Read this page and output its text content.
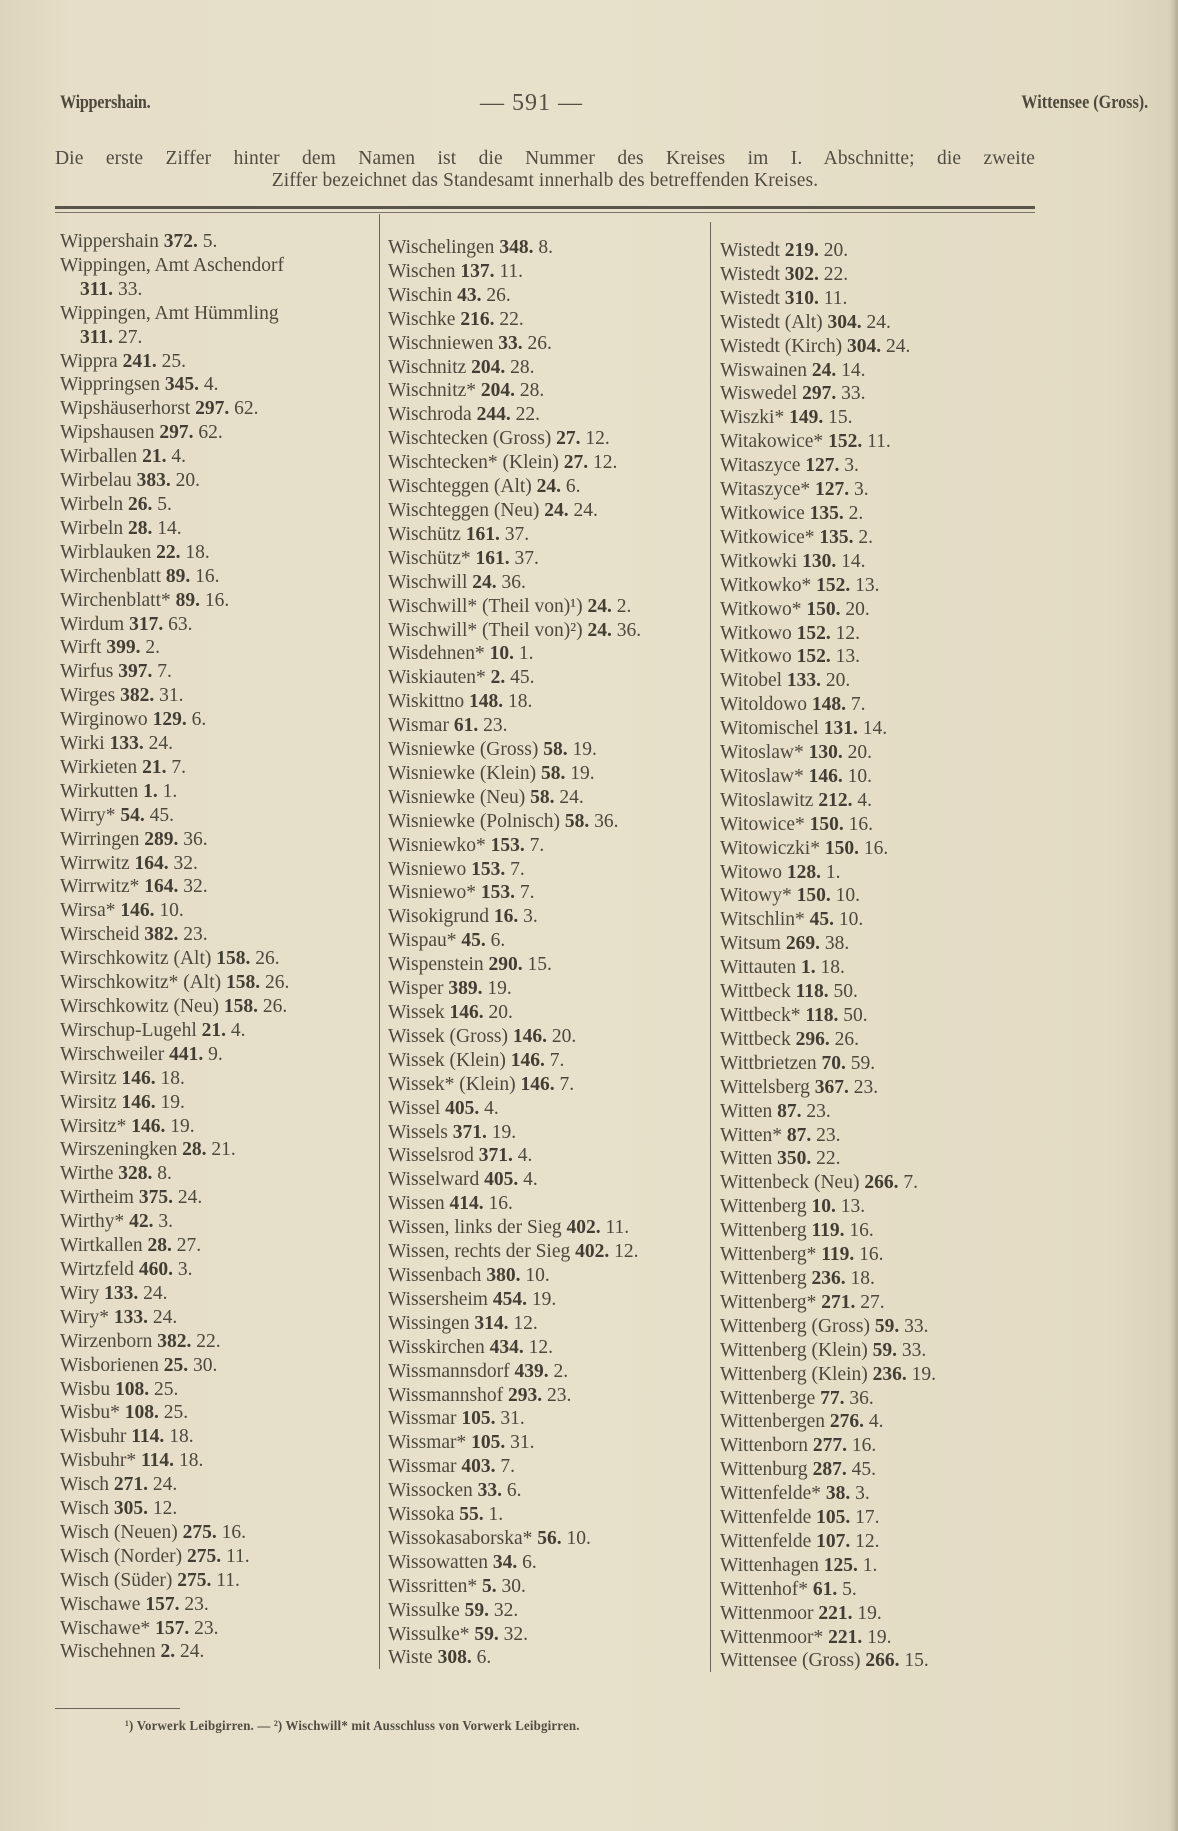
Wippershain.	— 591 —	Wittensee (Gross).
Die erste Ziffer hinter dem Namen ist die Nummer des Kreises im I. Abschnitte; die zweite
Ziffer bezeichnet das Standesamt innerhalb des betreffenden Kreises.
Wippershain 372. 5.
Wippingen, Amt Aschendorf
311. 33.
Wippingen, Amt Hümmling
311. 27.
Wippra 241. 25.
Wippringsen 345. 4.
Wipshäuserhorst 297. 62.
Wipshausen 297. 62.
Wirballen 21. 4.
Wirbelau 383. 20.
Wirbeln 26. 5.
Wirbeln 28. 14.
Wirblauken 22. 18.
Wirchenblatt 89. 16.
Wirchenblatt* 89. 16.
Wirdum 317. 63.
Wirft 399. 2.
Wirfus 397. 7.
Wirges 382. 31.
Wirginowo 129. 6.
Wirki 133. 24.
Wirkieten 21. 7.
Wirkutten 1. 1.
Wirry* 54. 45.
Wirringen 289. 36.
Wirrwitz 164. 32.
Wirrwitz* 164. 32.
Wirsa* 146. 10.
Wirscheid 382. 23.
Wirschkowitz (Alt) 158. 26.
Wirschkowitz* (Alt) 158. 26.
Wirschkowitz (Neu) 158. 26.
Wirschup-Lugehl 21. 4.
Wirschweiler 441. 9.
Wirsitz 146. 18.
Wirsitz 146. 19.
Wirsitz* 146. 19.
Wirszeningken 28. 21.
Wirthe 328. 8.
Wirtheim 375. 24.
Wirthy* 42. 3.
Wirtkallen 28. 27.
Wirtzfeld 460. 3.
Wiry 133. 24.
Wiry* 133. 24.
Wirzenborn 382. 22.
Wisborienen 25. 30.
Wisbu 108. 25.
Wisbu* 108. 25.
Wisbuhr 114. 18.
Wisbuhr* 114. 18.
Wisch 271. 24.
Wisch 305. 12.
Wisch (Neuen) 275. 16.
Wisch (Norder) 275. 11.
Wisch (Süder) 275. 11.
Wischawe 157. 23.
Wischawe* 157. 23.
Wischehnen 2. 24.
Wischelingen 348. 8.
Wischen 137. 11.
Wischin 43. 26.
Wischke 216. 22.
Wischniewen 33. 26.
Wischnitz 204. 28.
Wischnitz* 204. 28.
Wischroda 244. 22.
Wischtecken (Gross) 27. 12.
Wischtecken* (Klein) 27. 12.
Wischteggen (Alt) 24. 6.
Wischteggen (Neu) 24. 24.
Wischütz 161. 37.
Wischütz* 161. 37.
Wischwill 24. 36.
Wischwill* (Theil von)¹) 24. 2.
Wischwill* (Theil von)²) 24. 36.
Wisdehnen* 10. 1.
Wiskiauten* 2. 45.
Wiskittno 148. 18.
Wismar 61. 23.
Wisniewke (Gross) 58. 19.
Wisniewke (Klein) 58. 19.
Wisniewke (Neu) 58. 24.
Wisniewke (Polnisch) 58. 36.
Wisniewko* 153. 7.
Wisniewo 153. 7.
Wisniewo* 153. 7.
Wisokigrund 16. 3.
Wispau* 45. 6.
Wispenstein 290. 15.
Wisper 389. 19.
Wissek 146. 20.
Wissek (Gross) 146. 20.
Wissek (Klein) 146. 7.
Wissek* (Klein) 146. 7.
Wissel 405. 4.
Wissels 371. 19.
Wisselsrod 371. 4.
Wisselward 405. 4.
Wissen 414. 16.
Wissen, links der Sieg 402. 11.
Wissen, rechts der Sieg 402. 12.
Wissenbach 380. 10.
Wissersheim 454. 19.
Wissingen 314. 12.
Wisskirchen 434. 12.
Wissmannsdorf 439. 2.
Wissmannshof 293. 23.
Wissmar 105. 31.
Wissmar* 105. 31.
Wissmar 403. 7.
Wissocken 33. 6.
Wissoka 55. 1.
Wissokasaborska* 56. 10.
Wissowatten 34. 6.
Wissritten* 5. 30.
Wissulke 59. 32.
Wissulke* 59. 32.
Wiste 308. 6.
Wistedt 219. 20.
Wistedt 302. 22.
Wistedt 310. 11.
Wistedt (Alt) 304. 24.
Wistedt (Kirch) 304. 24.
Wiswainen 24. 14.
Wiswedel 297. 33.
Wiszki* 149. 15.
Witakowice* 152. 11.
Witaszyce 127. 3.
Witaszyce* 127. 3.
Witkowice 135. 2.
Witkowice* 135. 2.
Witkowki 130. 14.
Witkowko* 152. 13.
Witkowo* 150. 20.
Witkowo 152. 12.
Witkowo 152. 13.
Witobel 133. 20.
Witoldowo 148. 7.
Witomischel 131. 14.
Witoslaw* 130. 20.
Witoslaw* 146. 10.
Witoslawitz 212. 4.
Witowice* 150. 16.
Witowiczki* 150. 16.
Witowo 128. 1.
Witowy* 150. 10.
Witschlin* 45. 10.
Witsum 269. 38.
Wittauten 1. 18.
Wittbeck 118. 50.
Wittbeck* 118. 50.
Wittbeck 296. 26.
Wittbrietzen 70. 59.
Wittelsberg 367. 23.
Witten 87. 23.
Witten* 87. 23.
Witten 350. 22.
Wittenbeck (Neu) 266. 7.
Wittenberg 10. 13.
Wittenberg 119. 16.
Wittenberg* 119. 16.
Wittenberg 236. 18.
Wittenberg* 271. 27.
Wittenberg (Gross) 59. 33.
Wittenberg (Klein) 59. 33.
Wittenberg (Klein) 236. 19.
Wittenberge 77. 36.
Wittenbergen 276. 4.
Wittenborn 277. 16.
Wittenburg 287. 45.
Wittenfelde* 38. 3.
Wittenfelde 105. 17.
Wittenfelde 107. 12.
Wittenhagen 125. 1.
Wittenhof* 61. 5.
Wittenmoor 221. 19.
Wittenmoor* 221. 19.
Wittensee (Gross) 266. 15.
¹) Vorwerk Leibgirren. — ²) Wischwill* mit Ausschluss von Vorwerk Leibgirren.
